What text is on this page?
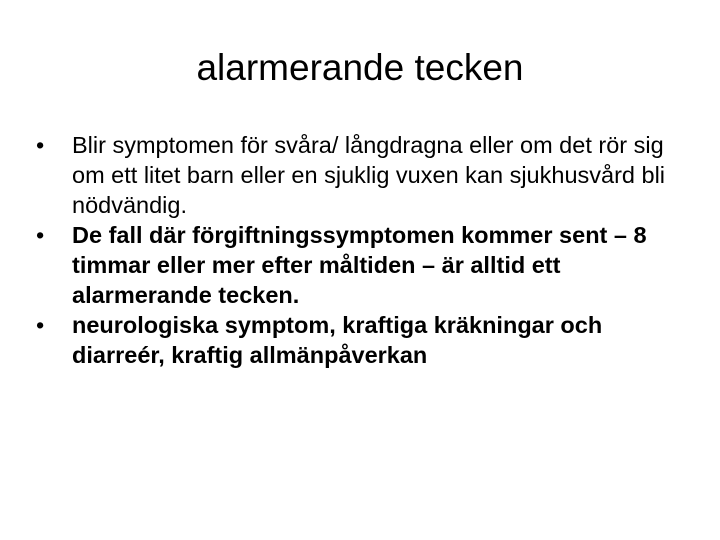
alarmerande tecken
•	Blir symptomen för svåra/ långdragna eller om det rör sig om ett litet barn eller en sjuklig vuxen kan sjukhusvård bli nödvändig.
•	De fall där förgiftningssymptomen kommer sent – 8 timmar eller mer efter måltiden – är alltid ett alarmerande tecken.
•	neurologiska symptom, kraftiga kräkningar och diarreér, kraftig allmänpåverkan
